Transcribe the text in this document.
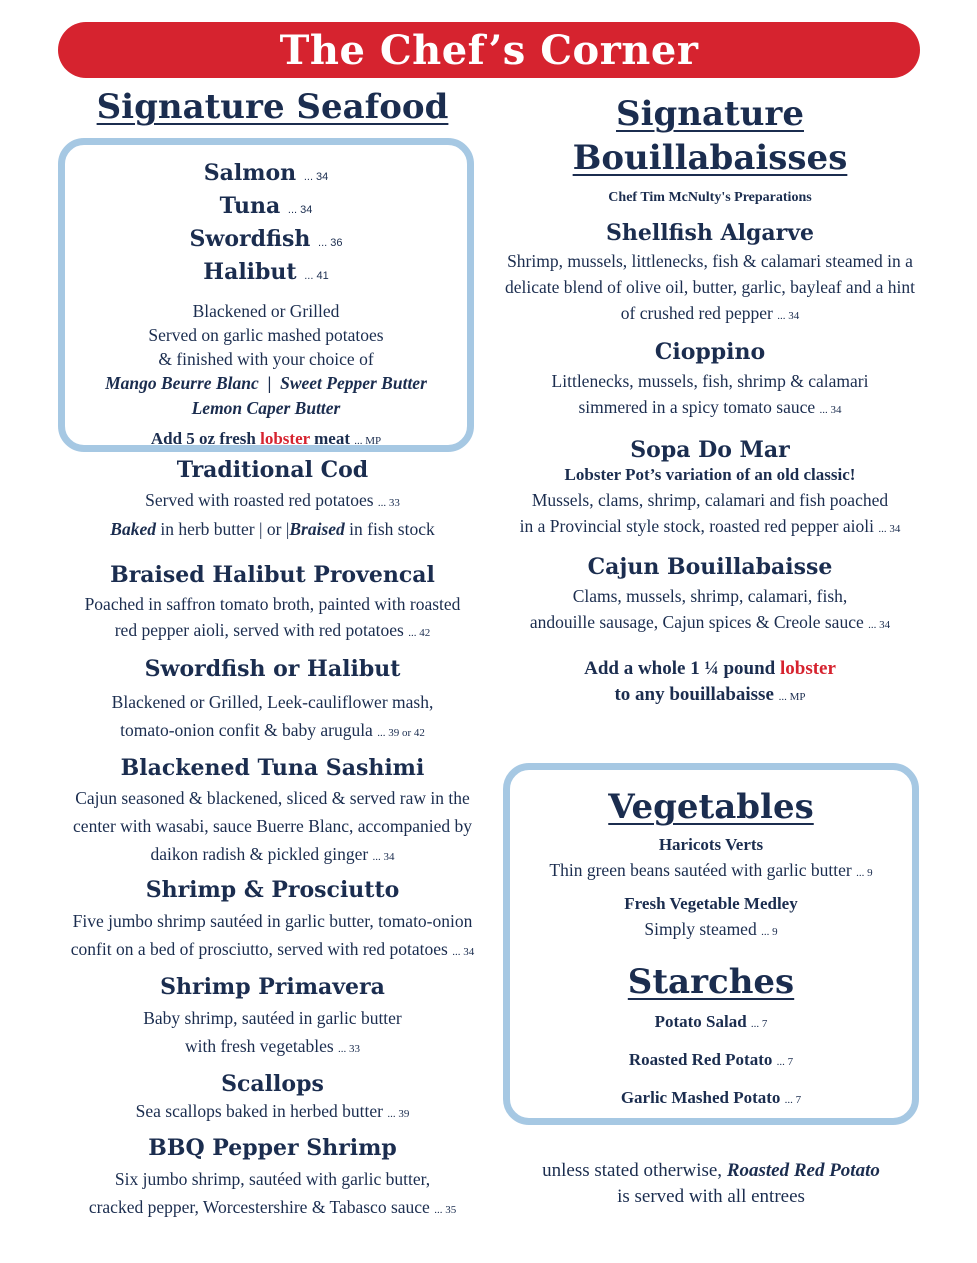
The Chef’s Corner
Signature Seafood
Salmon ... 34
Tuna ... 34
Swordfish ... 36
Halibut ... 41
Blackened or Grilled
Served on garlic mashed potatoes
& finished with your choice of
Mango Beurre Blanc | Sweet Pepper Butter
Lemon Caper Butter
Add 5 oz fresh lobster meat ... MP
Traditional Cod
Served with roasted red potatoes ... 33
Baked in herb butter | or |Braised in fish stock
Braised Halibut Provencal
Poached in saffron tomato broth, painted with roasted
red pepper aioli, served with red potatoes ... 42
Swordfish or Halibut
Blackened or Grilled, Leek-cauliflower mash,
tomato-onion confit & baby arugula ... 39 or 42
Blackened Tuna Sashimi
Cajun seasoned & blackened, sliced & served raw in the
center with wasabi, sauce Buerre Blanc, accompanied by
daikon radish & pickled ginger ... 34
Shrimp & Prosciutto
Five jumbo shrimp sautéed in garlic butter, tomato-onion
confit on a bed of prosciutto, served with red potatoes ... 34
Shrimp Primavera
Baby shrimp, sautéed in garlic butter
with fresh vegetables ... 33
Scallops
Sea scallops baked in herbed butter ... 39
BBQ Pepper Shrimp
Six jumbo shrimp, sautéed with garlic butter,
cracked pepper, Worcestershire & Tabasco sauce ... 35
Signature
Bouillabaisses
Chef Tim McNulty's Preparations
Shellfish Algarve
Shrimp, mussels, littlenecks, fish & calamari steamed in a
delicate blend of olive oil, butter, garlic, bayleaf and a hint
of crushed red pepper ... 34
Cioppino
Littlenecks, mussels, fish, shrimp & calamari
simmered in a spicy tomato sauce ... 34
Sopa Do Mar
Lobster Pot’s variation of an old classic!
Mussels, clams, shrimp, calamari and fish poached
in a Provincial style stock, roasted red pepper aioli ... 34
Cajun Bouillabaisse
Clams, mussels, shrimp, calamari, fish,
andouille sausage, Cajun spices & Creole sauce ... 34
Add a whole 1 ¼ pound lobster
to any bouillabaisse ... MP
Vegetables
Haricots Verts
Thin green beans sautéed with garlic butter ... 9
Fresh Vegetable Medley
Simply steamed ... 9
Starches
Potato Salad ... 7
Roasted Red Potato ... 7
Garlic Mashed Potato ... 7
unless stated otherwise, Roasted Red Potato
is served with all entrees
